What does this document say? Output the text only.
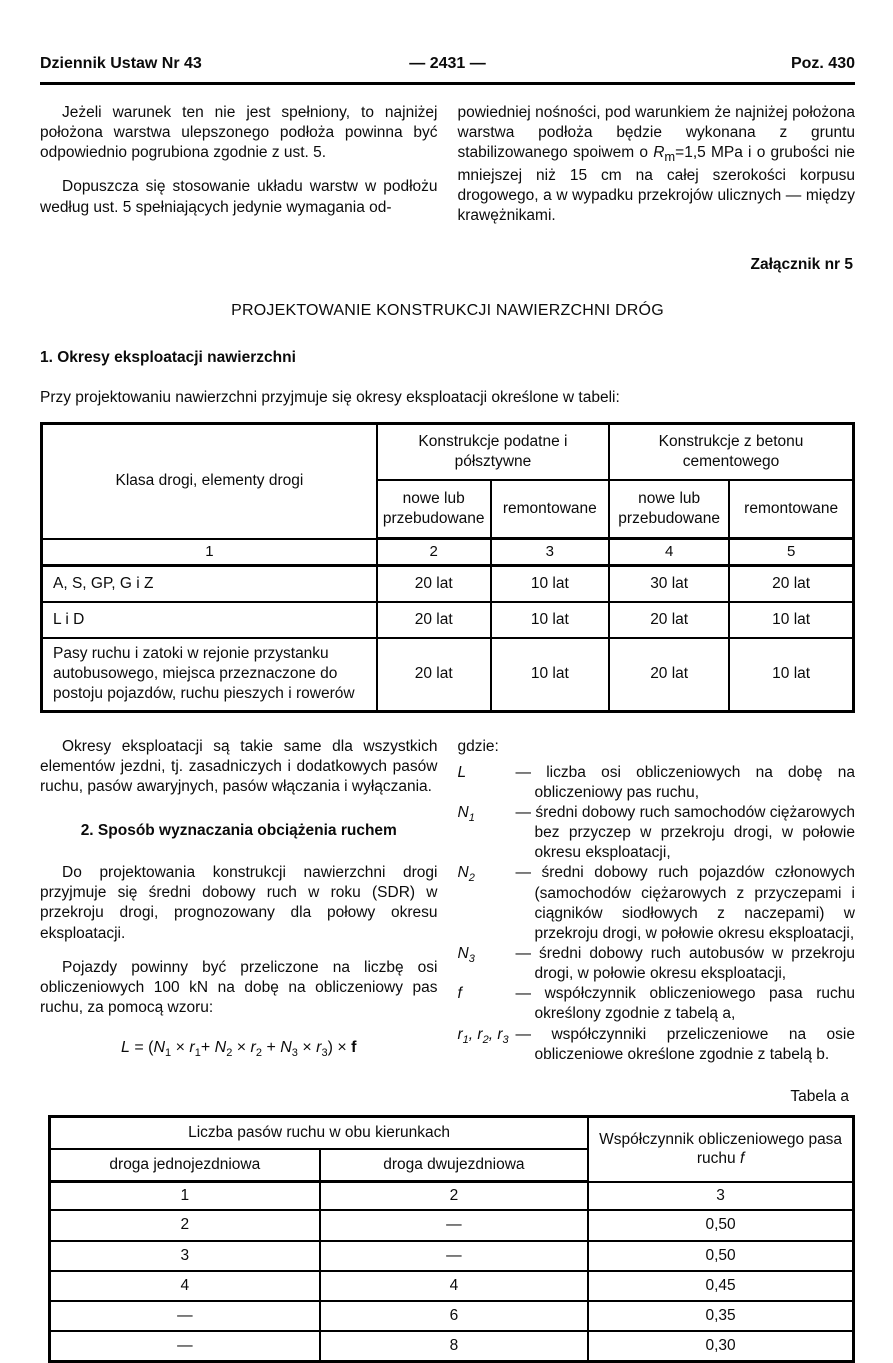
Dziennik Ustaw Nr 43	— 2431 —	Poz. 430

Jeżeli warunek ten nie jest spełniony, to najniżej położona warstwa ulepszonego podłoża powinna być odpowiednio pogrubiona zgodnie z ust. 5.

Dopuszcza się stosowanie układu warstw w podłożu według ust. 5 spełniających jedynie wymagania od-

powiedniej nośności, pod warunkiem że najniżej położona warstwa podłoża będzie wykonana z gruntu stabilizowanego spoiwem o $R_m=1,5$ MPa i o grubości nie mniejszej niż 15 cm na całej szerokości korpusu drogowego, a w wypadku przekrojów ulicznych — między krawężnikami.

Załącznik nr 5
PROJEKTOWANIE KONSTRUKCJI NAWIERZCHNI DRÓG
1. Okresy eksploatacji nawierzchni

Przy projektowaniu nawierzchni przyjmuje się okresy eksploatacji określone w tabeli:

Klasa drogi, elementy drogi	Konstrukcje podatne i półsztywne		Konstrukcje z betonu cementowego	
	nowe lub przebudowane	remontowane	nowe lub przebudowane	remontowane
1	2	3	4	5
A, S, GP, G i Z	20 lat	10 lat	30 lat	20 lat
L i D	20 lat	10 lat	20 lat	10 lat
Pasy ruchu i zatoki w rejonie przystanku autobusowego, miejsca przeznaczone do postoju pojazdów, ruchu pieszych i rowerów	20 lat	10 lat	20 lat	10 lat

Okresy eksploatacji są takie same dla wszystkich elementów jezdni, tj. zasadniczych i dodatkowych pasów ruchu, pasów awaryjnych, pasów włączania i wyłączania.

2. Sposób wyznaczania obciążenia ruchem

Do projektowania konstrukcji nawierzchni drogi przyjmuje się średni dobowy ruch w roku (SDR) w przekroju drogi, prognozowany dla połowy okresu eksploatacji.

Pojazdy powinny być przeliczone na liczbę osi obliczeniowych 100 kN na dobę na obliczeniowy pas ruchu, za pomocą wzoru:

$L = (N_1 \times r_1+ N_2 \times r_2 + N_3 \times r_3) \times f$
gdzie:
L	— liczba osi obliczeniowych na dobę na obliczeniowy pas ruchu,
$N_1$	— średni dobowy ruch samochodów ciężarowych bez przyczep w przekroju drogi, w połowie okresu eksploatacji,
$N_2$	— średni dobowy ruch pojazdów członowych (samochodów ciężarowych z przyczepami i ciągników siodłowych z naczepami) w przekroju drogi, w połowie okresu eksploatacji,
$N_3$	— średni dobowy ruch autobusów w przekroju drogi, w połowie okresu eksploatacji,
f	— współczynnik obliczeniowego pasa ruchu określony zgodnie z tabelą a,
$r_1$, $r_2$, $r_3$ — współczynniki przeliczeniowe na osie obliczeniowe określone zgodnie z tabelą b.
Tabela a
Liczba pasów ruchu w obu kierunkach		Współczynnik obliczeniowego pasa ruchu f
droga jednojezdniowa	droga dwujezdniowa	
1	2	3
2	—	0,50
3	—	0,50
4	4	0,45
—	6	0,35
—	8	0,30
